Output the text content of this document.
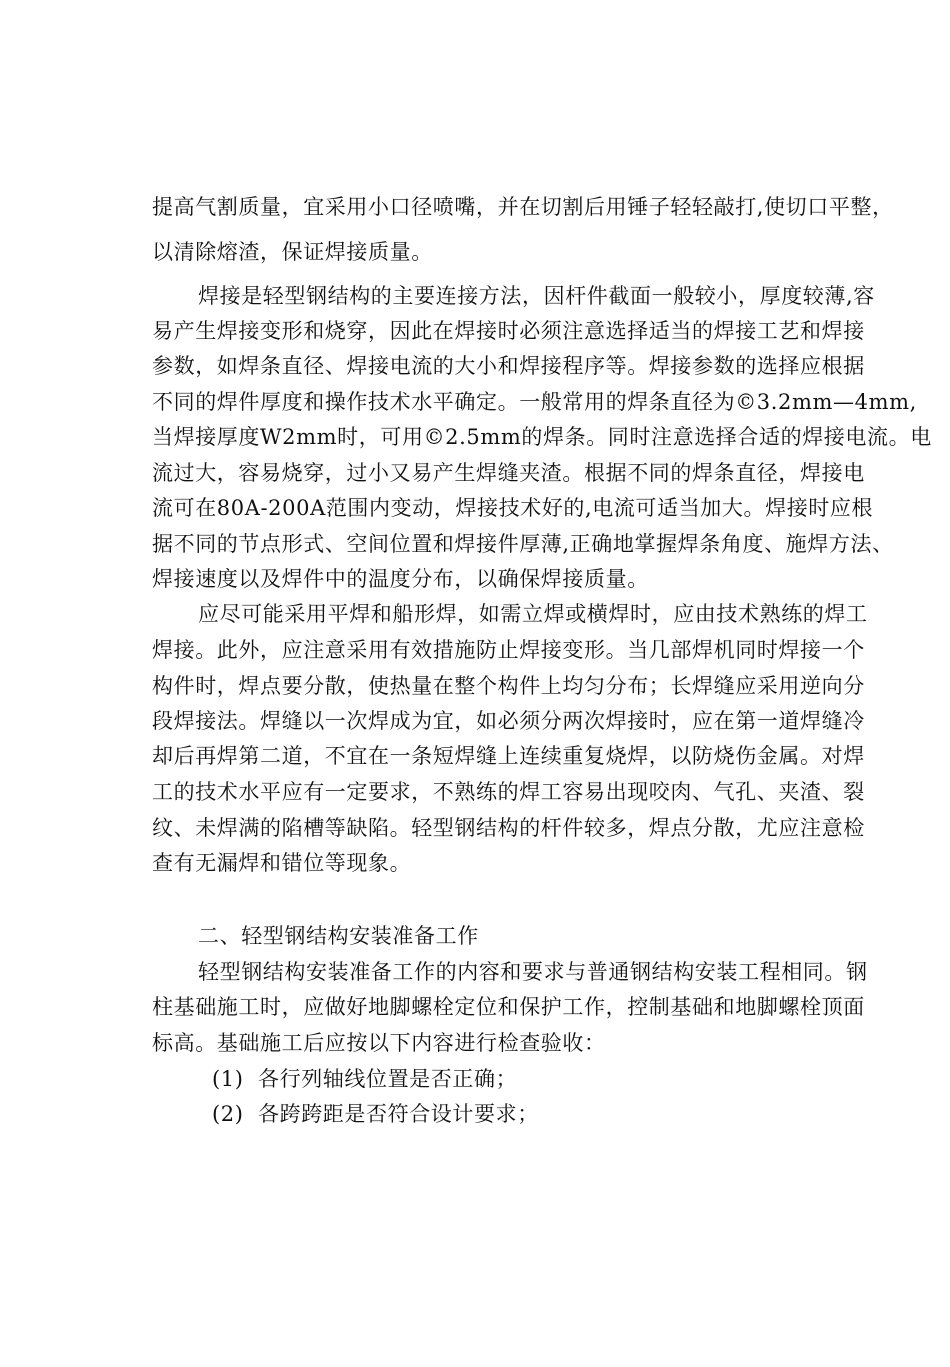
提高气割质量，宜采用小口径喷嘴，并在切割后用锤子轻轻敲打,使切口平整，
以清除熔渣，保证焊接质量。
焊接是轻型钢结构的主要连接方法，因杆件截面一般较小，厚度较薄,容
易产生焊接变形和烧穿，因此在焊接时必须注意选择适当的焊接工艺和焊接
参数，如焊条直径、焊接电流的大小和焊接程序等。焊接参数的选择应根据
不同的焊件厚度和操作技术水平确定。一般常用的焊条直径为©3.2mm—4mm,
当焊接厚度W2mm时，可用©2.5mm的焊条。同时注意选择合适的焊接电流。电
流过大，容易烧穿，过小又易产生焊缝夹渣。根据不同的焊条直径，焊接电
流可在80A-200A范围内变动，焊接技术好的,电流可适当加大。焊接时应根
据不同的节点形式、空间位置和焊接件厚薄,正确地掌握焊条角度、施焊方法、
焊接速度以及焊件中的温度分布，以确保焊接质量。
应尽可能采用平焊和船形焊，如需立焊或横焊时，应由技术熟练的焊工
焊接。此外，应注意采用有效措施防止焊接变形。当几部焊机同时焊接一个
构件时，焊点要分散，使热量在整个构件上均匀分布；长焊缝应采用逆向分
段焊接法。焊缝以一次焊成为宜，如必须分两次焊接时，应在第一道焊缝冷
却后再焊第二道，不宜在一条短焊缝上连续重复烧焊，以防烧伤金属。对焊
工的技术水平应有一定要求，不熟练的焊工容易出现咬肉、气孔、夹渣、裂
纹、未焊满的陷槽等缺陷。轻型钢结构的杆件较多，焊点分散，尤应注意检
查有无漏焊和错位等现象。
二、轻型钢结构安装准备工作
轻型钢结构安装准备工作的内容和要求与普通钢结构安装工程相同。钢
柱基础施工时，应做好地脚螺栓定位和保护工作，控制基础和地脚螺栓顶面
标高。基础施工后应按以下内容进行检查验收：
(1) 各行列轴线位置是否正确；
(2) 各跨跨距是否符合设计要求；
